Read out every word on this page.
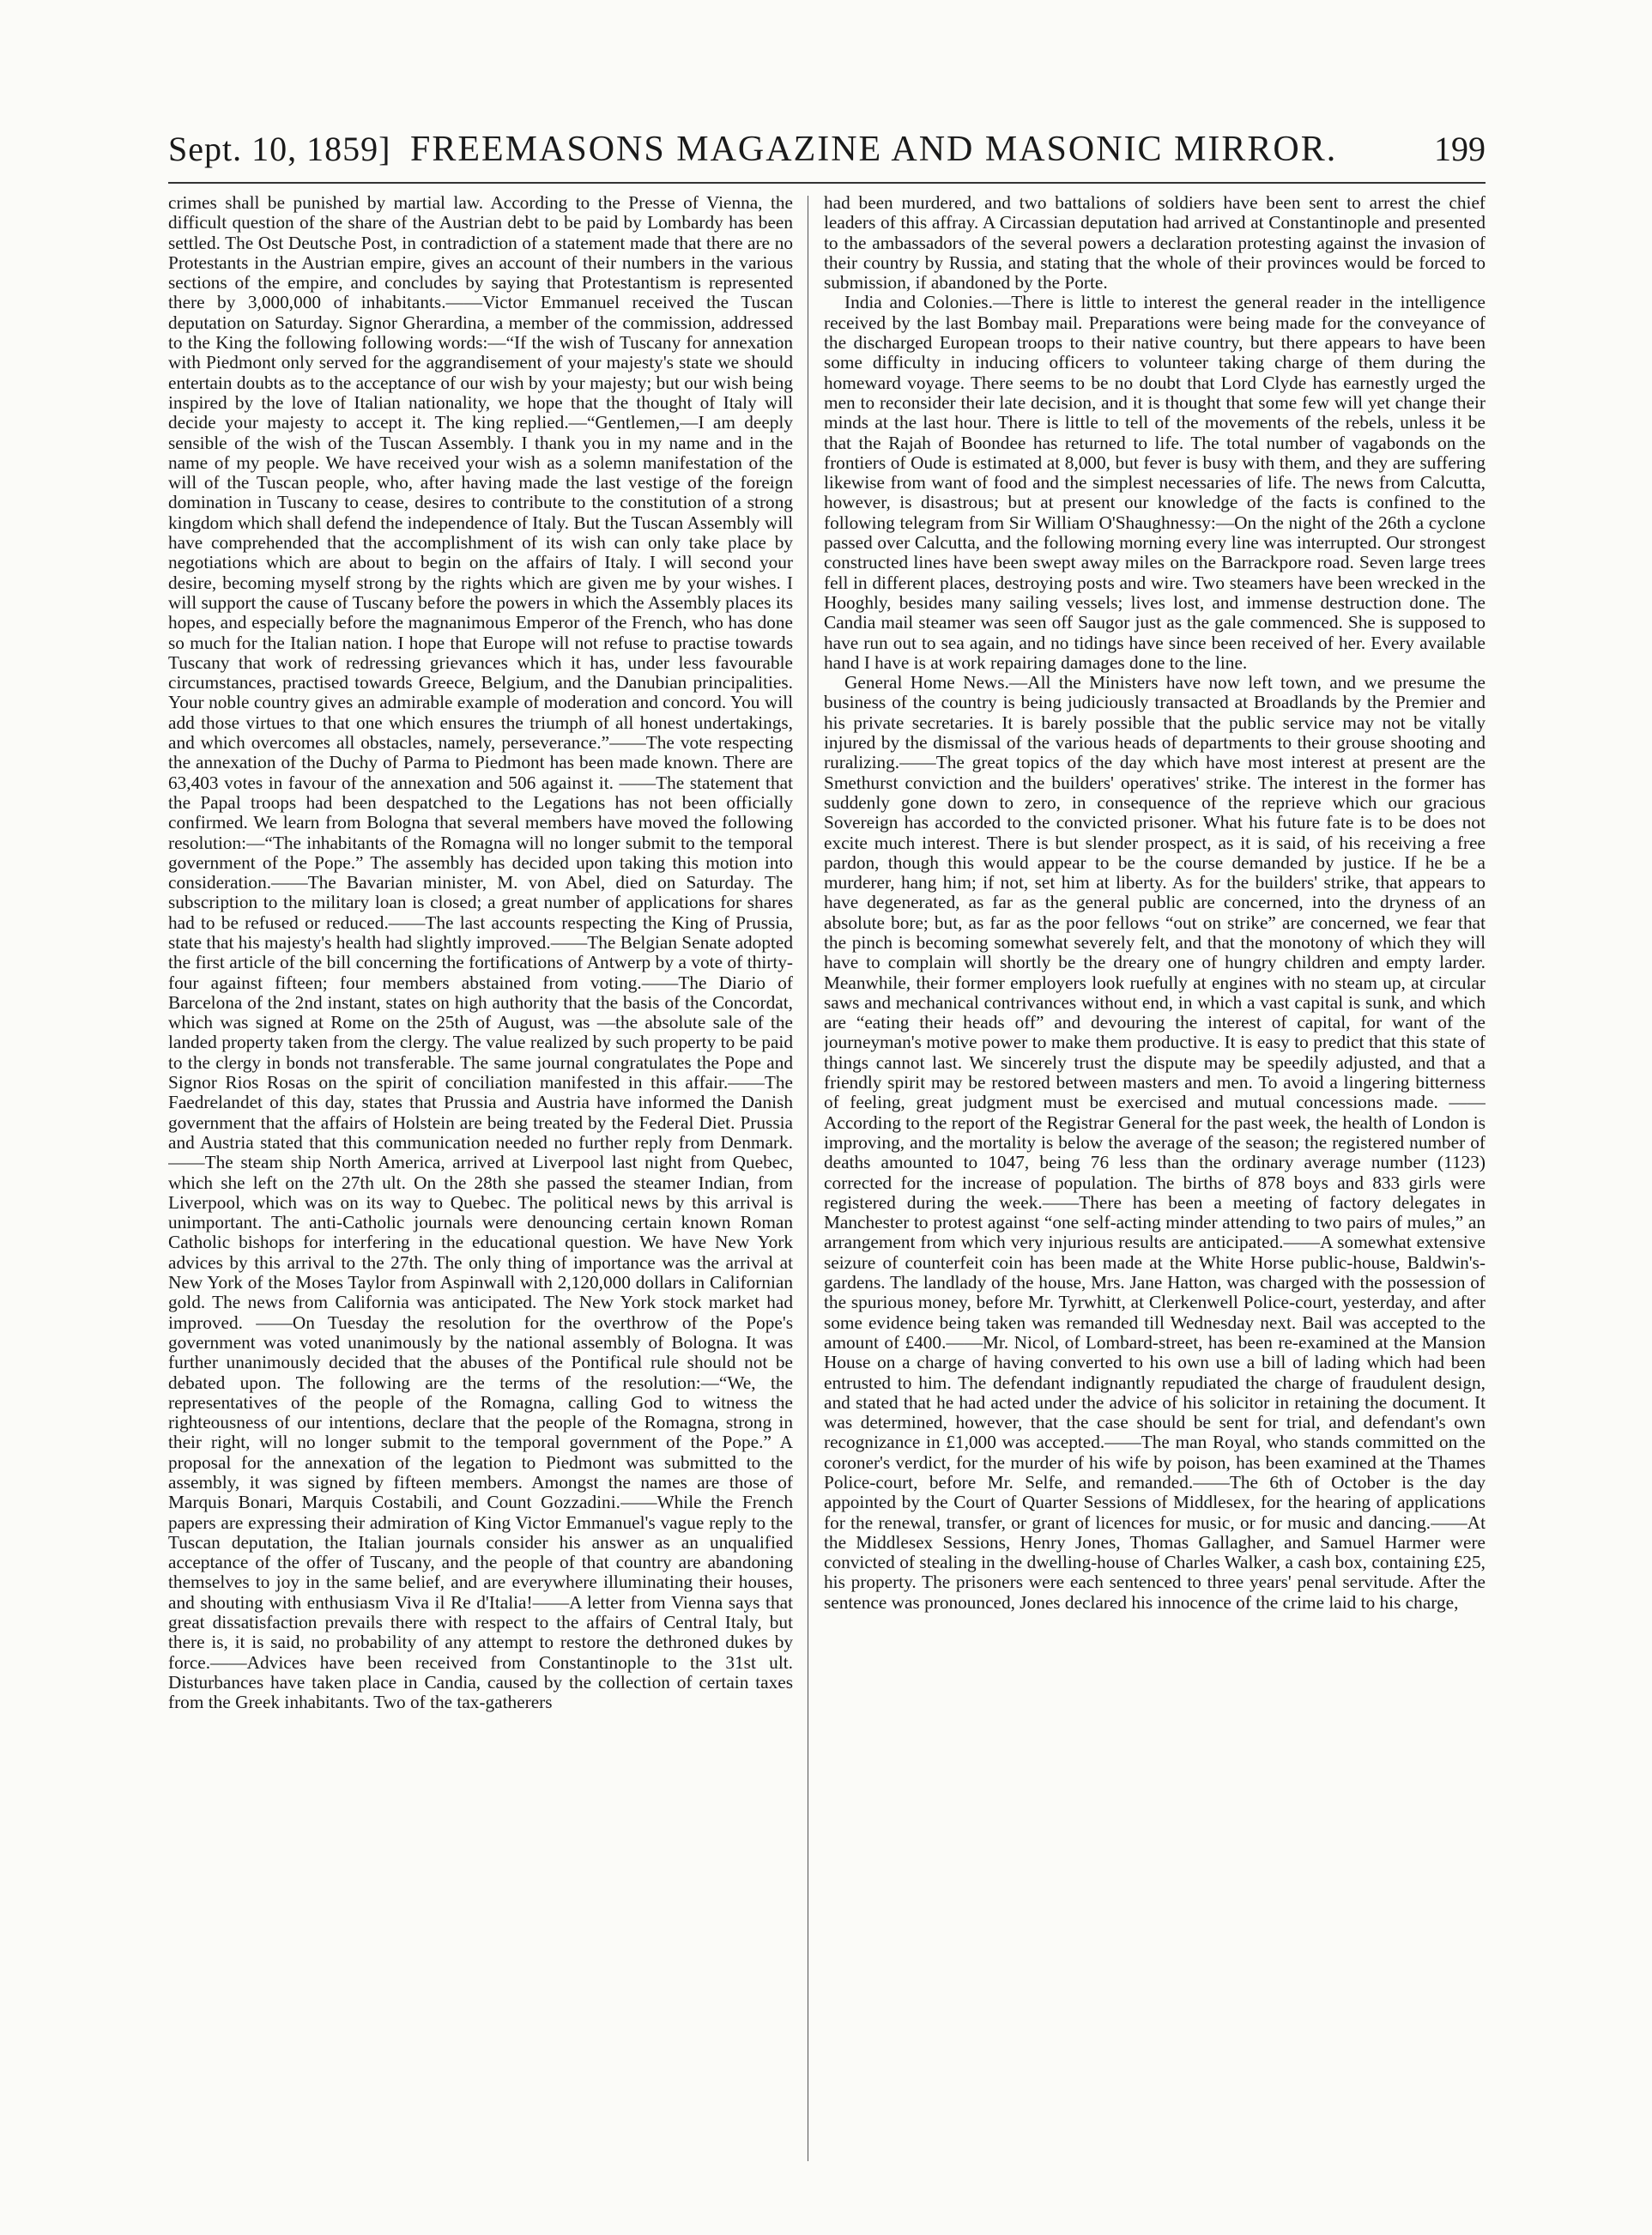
Sept. 10, 1859] FREEMASONS MAGAZINE AND MASONIC MIRROR.	199

crimes shall be punished by martial law. According to the Presse of Vienna, the difficult question of the share of the Austrian debt to be paid by Lombardy has been settled. The Ost Deutsche Post, in contradiction of a statement made that there are no Protestants in the Austrian empire, gives an account of their numbers in the various sections of the empire, and concludes by saying that Protestantism is represented there by 3,000,000 of inhabitants.——Victor Emmanuel received the Tuscan deputation on Saturday. Signor Gherardina, a member of the commission, addressed to the King the following following words:—“If the wish of Tuscany for annexation with Piedmont only served for the aggrandisement of your majesty's state we should entertain doubts as to the acceptance of our wish by your majesty; but our wish being inspired by the love of Italian nationality, we hope that the thought of Italy will decide your majesty to accept it. The king replied.—“Gentlemen,—I am deeply sensible of the wish of the Tuscan Assembly. I thank you in my name and in the name of my people. We have received your wish as a solemn manifestation of the will of the Tuscan people, who, after having made the last vestige of the foreign domination in Tuscany to cease, desires to contribute to the constitution of a strong kingdom which shall defend the independence of Italy. But the Tuscan Assembly will have comprehended that the accomplishment of its wish can only take place by negotiations which are about to begin on the affairs of Italy. I will second your desire, becoming myself strong by the rights which are given me by your wishes. I will support the cause of Tuscany before the powers in which the Assembly places its hopes, and especially before the magnanimous Emperor of the French, who has done so much for the Italian nation. I hope that Europe will not refuse to practise towards Tuscany that work of redressing grievances which it has, under less favourable circumstances, practised towards Greece, Belgium, and the Danubian principalities. Your noble country gives an admirable example of moderation and concord. You will add those virtues to that one which ensures the triumph of all honest undertakings, and which overcomes all obstacles, namely, perseverance.”——The vote respecting the annexation of the Duchy of Parma to Piedmont has been made known. There are 63,403 votes in favour of the annexation and 506 against it. ——The statement that the Papal troops had been despatched to the Legations has not been officially confirmed. We learn from Bologna that several members have moved the following resolution:—“The inhabitants of the Romagna will no longer submit to the temporal government of the Pope.” The assembly has decided upon taking this motion into consideration.——The Bavarian minister, M. von Abel, died on Saturday. The subscription to the military loan is closed; a great number of applications for shares had to be refused or reduced.——The last accounts respecting the King of Prussia, state that his majesty's health had slightly improved.——The Belgian Senate adopted the first article of the bill concerning the fortifications of Antwerp by a vote of thirty-four against fifteen; four members abstained from voting.——The Diario of Barcelona of the 2nd instant, states on high authority that the basis of the Concordat, which was signed at Rome on the 25th of August, was —the absolute sale of the landed property taken from the clergy. The value realized by such property to be paid to the clergy in bonds not transferable. The same journal congratulates the Pope and Signor Rios Rosas on the spirit of conciliation manifested in this affair.——The Faedrelandet of this day, states that Prussia and Austria have informed the Danish government that the affairs of Holstein are being treated by the Federal Diet. Prussia and Austria stated that this communication needed no further reply from Denmark.——The steam ship North America, arrived at Liverpool last night from Quebec, which she left on the 27th ult. On the 28th she passed the steamer Indian, from Liverpool, which was on its way to Quebec. The political news by this arrival is unimportant. The anti-Catholic journals were denouncing certain known Roman Catholic bishops for interfering in the educational question. We have New York advices by this arrival to the 27th. The only thing of importance was the arrival at New York of the Moses Taylor from Aspinwall with 2,120,000 dollars in Californian gold. The news from California was anticipated. The New York stock market had improved. ——On Tuesday the resolution for the overthrow of the Pope's government was voted unanimously by the national assembly of Bologna. It was further unanimously decided that the abuses of the Pontifical rule should not be debated upon. The following are the terms of the resolution:—“We, the representatives of the people of the Romagna, calling God to witness the righteousness of our intentions, declare that the people of the Romagna, strong in their right, will no longer submit to the temporal government of the Pope.” A proposal for the annexation of the legation to Piedmont was submitted to the assembly, it was signed by fifteen members. Amongst the names are those of Marquis Bonari, Marquis Costabili, and Count Gozzadini.——While the French papers are expressing their admiration of King Victor Emmanuel's vague reply to the Tuscan deputation, the Italian journals consider his answer as an unqualified acceptance of the offer of Tuscany, and the people of that country are abandoning themselves to joy in the same belief, and are everywhere illuminating their houses, and shouting with enthusiasm Viva il Re d'Italia!——A letter from Vienna says that great dissatisfaction prevails there with respect to the affairs of Central Italy, but there is, it is said, no probability of any attempt to restore the dethroned dukes by force.——Advices have been received from Constantinople to the 31st ult. Disturbances have taken place in Candia, caused by the collection of certain taxes from the Greek inhabitants. Two of the tax-gatherers

had been murdered, and two battalions of soldiers have been sent to arrest the chief leaders of this affray. A Circassian deputation had arrived at Constantinople and presented to the ambassadors of the several powers a declaration protesting against the invasion of their country by Russia, and stating that the whole of their provinces would be forced to submission, if abandoned by the Porte.

India and Colonies.—There is little to interest the general reader in the intelligence received by the last Bombay mail. Preparations were being made for the conveyance of the discharged European troops to their native country, but there appears to have been some difficulty in inducing officers to volunteer taking charge of them during the homeward voyage. There seems to be no doubt that Lord Clyde has earnestly urged the men to reconsider their late decision, and it is thought that some few will yet change their minds at the last hour. There is little to tell of the movements of the rebels, unless it be that the Rajah of Boondee has returned to life. The total number of vagabonds on the frontiers of Oude is estimated at 8,000, but fever is busy with them, and they are suffering likewise from want of food and the simplest necessaries of life. The news from Calcutta, however, is disastrous; but at present our knowledge of the facts is confined to the following telegram from Sir William O'Shaughnessy:—On the night of the 26th a cyclone passed over Calcutta, and the following morning every line was interrupted. Our strongest constructed lines have been swept away miles on the Barrackpore road. Seven large trees fell in different places, destroying posts and wire. Two steamers have been wrecked in the Hooghly, besides many sailing vessels; lives lost, and immense destruction done. The Candia mail steamer was seen off Saugor just as the gale commenced. She is supposed to have run out to sea again, and no tidings have since been received of her. Every available hand I have is at work repairing damages done to the line.

General Home News.—All the Ministers have now left town, and we presume the business of the country is being judiciously transacted at Broadlands by the Premier and his private secretaries. It is barely possible that the public service may not be vitally injured by the dismissal of the various heads of departments to their grouse shooting and ruralizing.——The great topics of the day which have most interest at present are the Smethurst conviction and the builders' operatives' strike. The interest in the former has suddenly gone down to zero, in consequence of the reprieve which our gracious Sovereign has accorded to the convicted prisoner. What his future fate is to be does not excite much interest. There is but slender prospect, as it is said, of his receiving a free pardon, though this would appear to be the course demanded by justice. If he be a murderer, hang him; if not, set him at liberty. As for the builders' strike, that appears to have degenerated, as far as the general public are concerned, into the dryness of an absolute bore; but, as far as the poor fellows “out on strike” are concerned, we fear that the pinch is becoming somewhat severely felt, and that the monotony of which they will have to complain will shortly be the dreary one of hungry children and empty larder. Meanwhile, their former employers look ruefully at engines with no steam up, at circular saws and mechanical contrivances without end, in which a vast capital is sunk, and which are “eating their heads off” and devouring the interest of capital, for want of the journeyman's motive power to make them productive. It is easy to predict that this state of things cannot last. We sincerely trust the dispute may be speedily adjusted, and that a friendly spirit may be restored between masters and men. To avoid a lingering bitterness of feeling, great judgment must be exercised and mutual concessions made. ——According to the report of the Registrar General for the past week, the health of London is improving, and the mortality is below the average of the season; the registered number of deaths amounted to 1047, being 76 less than the ordinary average number (1123) corrected for the increase of population. The births of 878 boys and 833 girls were registered during the week.——There has been a meeting of factory delegates in Manchester to protest against “one self-acting minder attending to two pairs of mules,” an arrangement from which very injurious results are anticipated.——A somewhat extensive seizure of counterfeit coin has been made at the White Horse public-house, Baldwin's-gardens. The landlady of the house, Mrs. Jane Hatton, was charged with the possession of the spurious money, before Mr. Tyrwhitt, at Clerkenwell Police-court, yesterday, and after some evidence being taken was remanded till Wednesday next. Bail was accepted to the amount of £400.——Mr. Nicol, of Lombard-street, has been re-examined at the Mansion House on a charge of having converted to his own use a bill of lading which had been entrusted to him. The defendant indignantly repudiated the charge of fraudulent design, and stated that he had acted under the advice of his solicitor in retaining the document. It was determined, however, that the case should be sent for trial, and defendant's own recognizance in £1,000 was accepted.——The man Royal, who stands committed on the coroner's verdict, for the murder of his wife by poison, has been examined at the Thames Police-court, before Mr. Selfe, and remanded.——The 6th of October is the day appointed by the Court of Quarter Sessions of Middlesex, for the hearing of applications for the renewal, transfer, or grant of licences for music, or for music and dancing.——At the Middlesex Sessions, Henry Jones, Thomas Gallagher, and Samuel Harmer were convicted of stealing in the dwelling-house of Charles Walker, a cash box, containing £25, his property. The prisoners were each sentenced to three years' penal servitude. After the sentence was pronounced, Jones declared his innocence of the crime laid to his charge,
